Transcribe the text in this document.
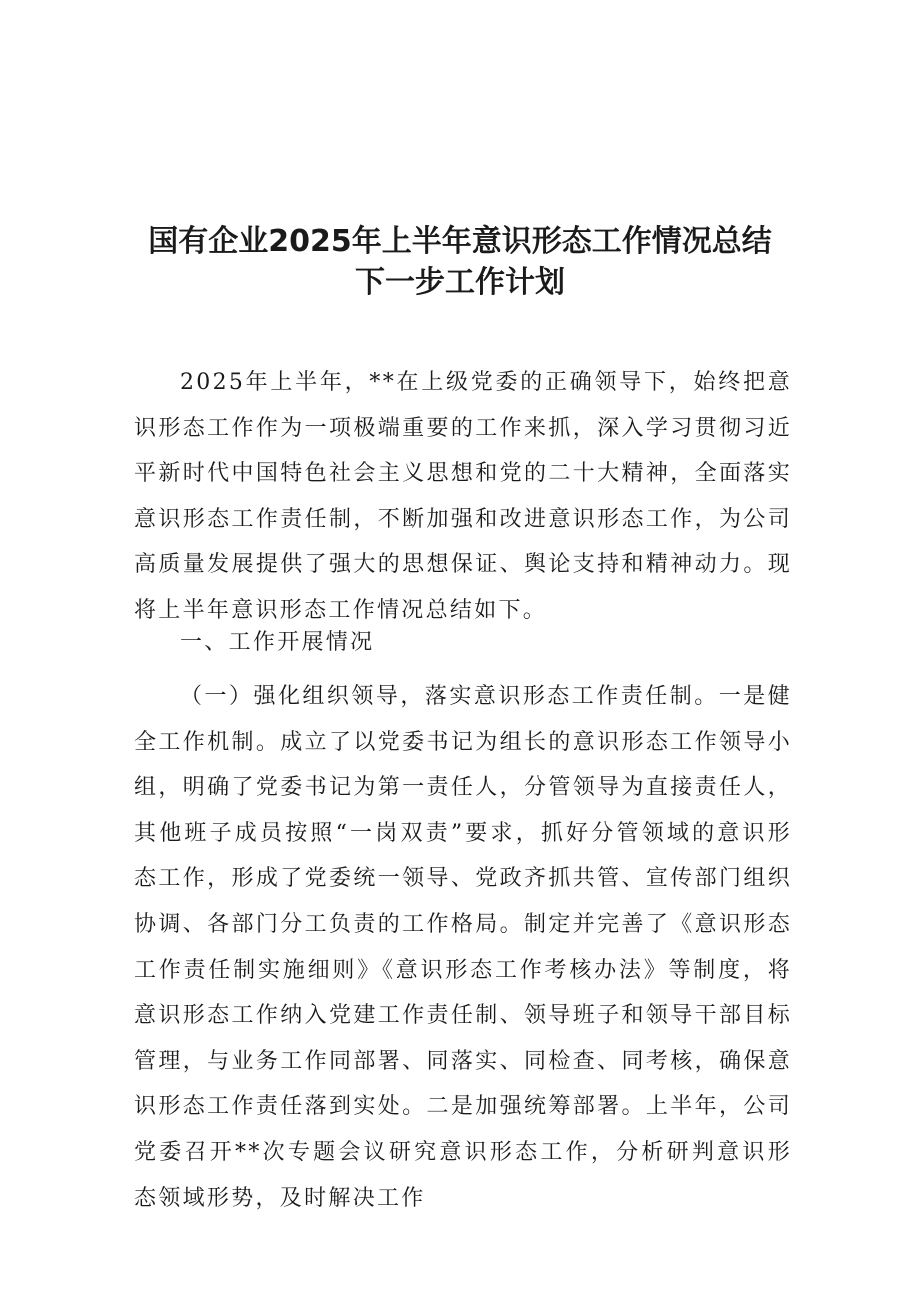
国有企业2025年上半年意识形态工作情况总结
下一步工作计划

2025年上半年，**在上级党委的正确领导下，始终把意识形态工作作为一项极端重要的工作来抓，深入学习贯彻习近平新时代中国特色社会主义思想和党的二十大精神，全面落实意识形态工作责任制，不断加强和改进意识形态工作，为公司高质量发展提供了强大的思想保证、舆论支持和精神动力。现将上半年意识形态工作情况总结如下。

一、工作开展情况

（一）强化组织领导，落实意识形态工作责任制。一是健全工作机制。成立了以党委书记为组长的意识形态工作领导小组，明确了党委书记为第一责任人，分管领导为直接责任人，其他班子成员按照“一岗双责”要求，抓好分管领域的意识形态工作，形成了党委统一领导、党政齐抓共管、宣传部门组织协调、各部门分工负责的工作格局。制定并完善了《意识形态工作责任制实施细则》《意识形态工作考核办法》等制度，将意识形态工作纳入党建工作责任制、领导班子和领导干部目标管理，与业务工作同部署、同落实、同检查、同考核，确保意识形态工作责任落到实处。二是加强统筹部署。上半年，公司党委召开**次专题会议研究意识形态工作，分析研判意识形态领域形势，及时解决工作
